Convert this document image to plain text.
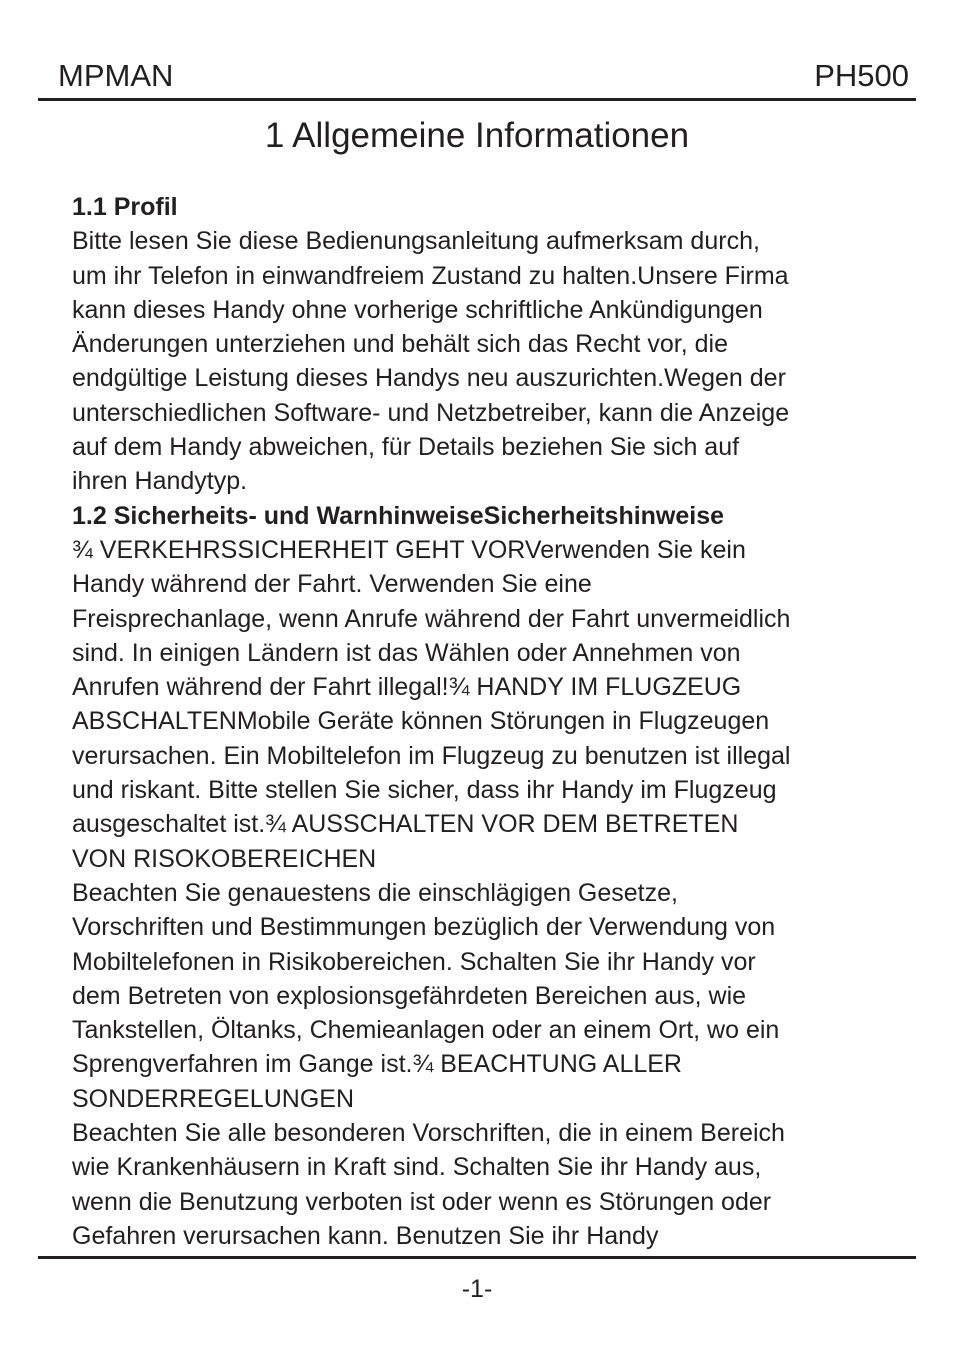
MPMAN	PH500
1 Allgemeine Informationen
1.1 Profil
Bitte lesen Sie diese Bedienungsanleitung aufmerksam durch,
um ihr Telefon in einwandfreiem Zustand zu halten.Unsere Firma
kann dieses Handy ohne vorherige schriftliche Ankündigungen
Änderungen unterziehen und behält sich das Recht vor, die
endgültige Leistung dieses Handys neu auszurichten.Wegen der
unterschiedlichen Software- und Netzbetreiber, kann die Anzeige
auf dem Handy abweichen, für Details beziehen Sie sich auf
ihren Handytyp.
1.2 Sicherheits- und WarnhinweiseSicherheitshinweise
¾ VERKEHRSSICHERHEIT GEHT VORVerwenden Sie kein
Handy während der Fahrt. Verwenden Sie eine
Freisprechanlage, wenn Anrufe während der Fahrt unvermeidlich
sind. In einigen Ländern ist das Wählen oder Annehmen von
Anrufen während der Fahrt illegal!¾ HANDY IM FLUGZEUG
ABSCHALTENMobile Geräte können Störungen in Flugzeugen
verursachen. Ein Mobiltelefon im Flugzeug zu benutzen ist illegal
und riskant. Bitte stellen Sie sicher, dass ihr Handy im Flugzeug
ausgeschaltet ist.¾ AUSSCHALTEN VOR DEM BETRETEN
VON RISOKOBEREICHEN
Beachten Sie genauestens die einschlägigen Gesetze,
Vorschriften und Bestimmungen bezüglich der Verwendung von
Mobiltelefonen in Risikobereichen. Schalten Sie ihr Handy vor
dem Betreten von explosionsgefährdeten Bereichen aus, wie
Tankstellen, Öltanks, Chemieanlagen oder an einem Ort, wo ein
Sprengverfahren im Gange ist.¾ BEACHTUNG ALLER
SONDERREGELUNGEN
Beachten Sie alle besonderen Vorschriften, die in einem Bereich
wie Krankenhäusern in Kraft sind. Schalten Sie ihr Handy aus,
wenn die Benutzung verboten ist oder wenn es Störungen oder
Gefahren verursachen kann. Benutzen Sie ihr Handy
-1-
